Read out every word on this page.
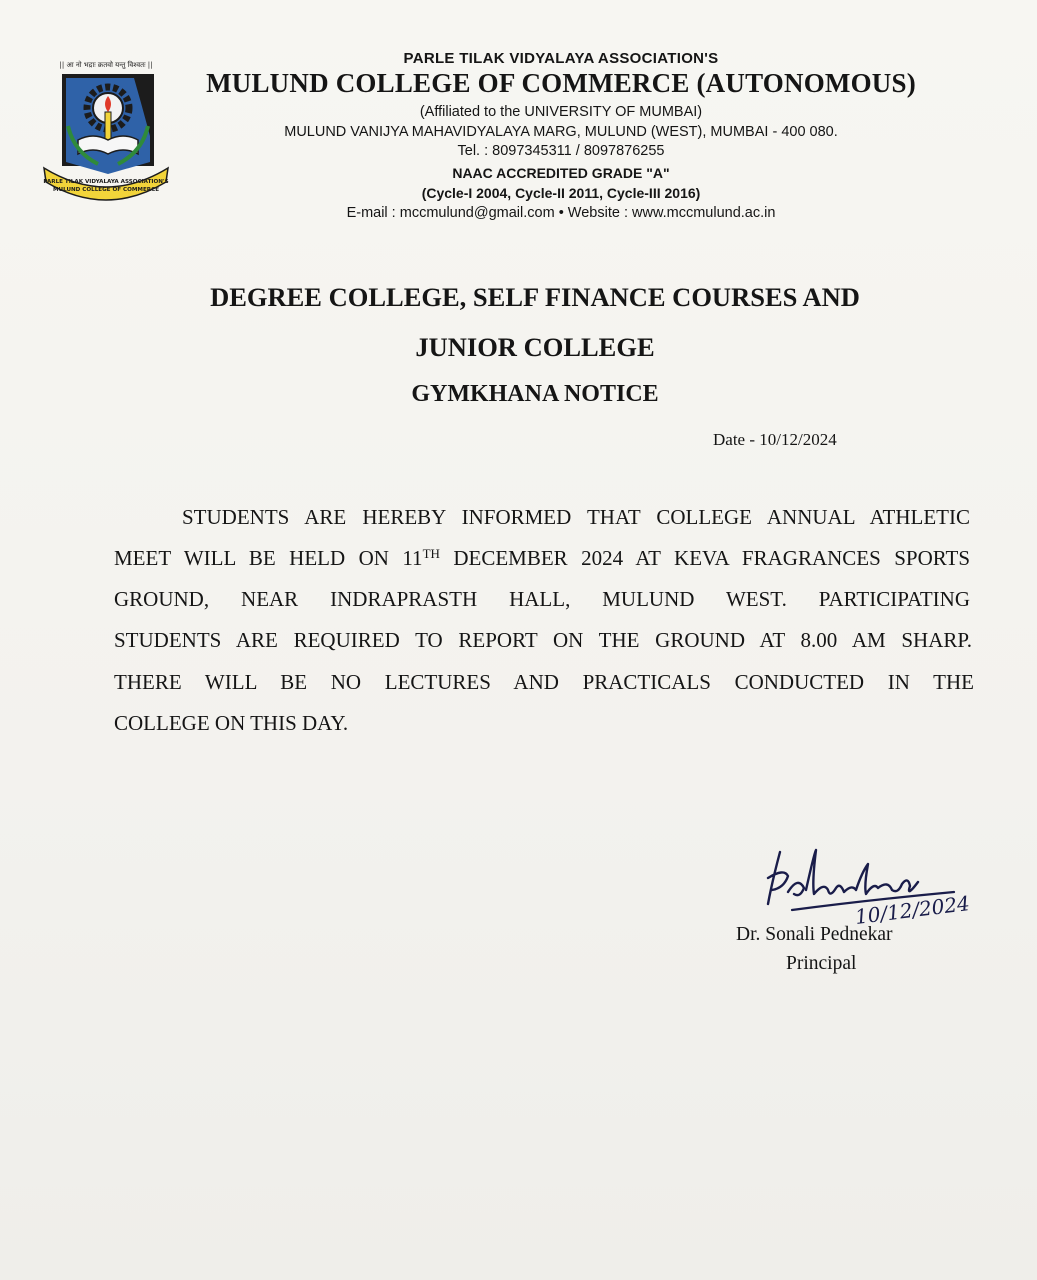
|| आ नो भद्राः क्रतवो यन्तु विश्वतः ||
PARLE TILAK VIDYALAYA ASSOCIATION'S
MULUND COLLEGE OF COMMERCE
PARLE TILAK VIDYALAYA ASSOCIATION'S
MULUND COLLEGE OF COMMERCE (AUTONOMOUS)
(Affiliated to the UNIVERSITY OF MUMBAI)
MULUND VANIJYA MAHAVIDYALAYA MARG, MULUND (WEST), MUMBAI - 400 080.
Tel. : 8097345311 / 8097876255
NAAC ACCREDITED GRADE "A"
(Cycle-I 2004, Cycle-II 2011, Cycle-III 2016)
E-mail : mccmulund@gmail.com • Website : www.mccmulund.ac.in
DEGREE COLLEGE, SELF FINANCE COURSES AND
JUNIOR COLLEGE
GYMKHANA NOTICE
Date - 10/12/2024
STUDENTS ARE HEREBY INFORMED THAT COLLEGE ANNUAL ATHLETIC
MEET WILL BE HELD ON 11TH DECEMBER 2024 AT KEVA FRAGRANCES SPORTS
GROUND, NEAR INDRAPRASTH HALL, MULUND WEST. PARTICIPATING
STUDENTS ARE REQUIRED TO REPORT ON THE GROUND AT 8.00 AM SHARP.
THERE WILL BE NO LECTURES AND PRACTICALS CONDUCTED IN THE
COLLEGE ON THIS DAY.
10/12/2024
Dr. Sonali Pednekar
Principal
